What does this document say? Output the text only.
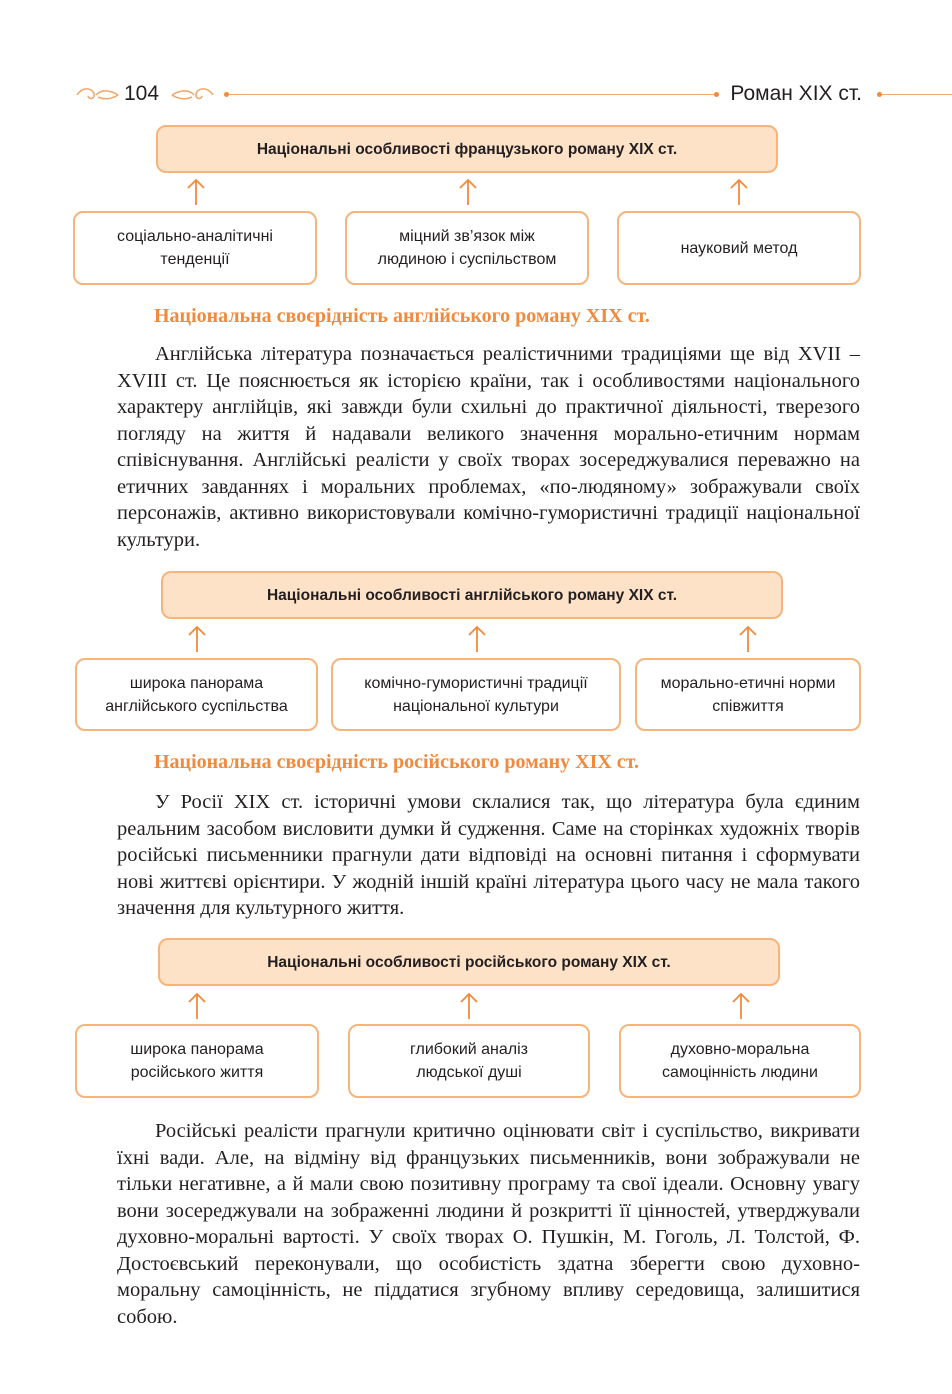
104	Роман XIX ст.
Національні особливості французького роману XIX ст.
соціально-аналітичні
тенденції
міцний зв’язок між
людиною і суспільством
науковий метод
Національна своєрідність англійського роману XIX ст.

Англійська література позначається реалістичними традиціями ще від XVII – XVIII ст. Це пояснюється як історією країни, так і особливостями національного характеру англійців, які завжди були схильні до практичної діяльності, тверезого погляду на життя й надавали великого значення морально-етичним нормам співіснування. Англійські реалісти у своїх творах зосереджувалися переважно на етичних завданнях і моральних проблемах, «по-людяному» зображували своїх персонажів, активно використовували комічно-гумористичні традиції національної культури.

Національні особливості англійського роману XIX ст.
широка панорама
англійського суспільства
комічно-гумористичні традиції
національної культури
морально-етичні норми
співжиття
Національна своєрідність російського роману XIX ст.

У Росії XIX ст. історичні умови склалися так, що література була єдиним реальним засобом висловити думки й судження. Саме на сторінках художніх творів російські письменники прагнули дати відповіді на основні питання і сформувати нові життєві орієнтири. У жодній іншій країні література цього часу не мала такого значення для культурного життя.

Національні особливості російського роману XIX ст.
широка панорама
російського життя
глибокий аналіз
людської душі
духовно-моральна
самоцінність людини

Російські реалісти прагнули критично оцінювати світ і суспільство, викривати їхні вади. Але, на відміну від французьких письменників, вони зображували не тільки негативне, а й мали свою позитивну програму та свої ідеали. Основну увагу вони зосереджували на зображенні людини й розкритті її цінностей, утверджували духовно-моральні вартості. У своїх творах О. Пушкін, М. Гоголь, Л. Толстой, Ф. Достоєвський переконували, що особистість здатна зберегти свою духовно-моральну самоцінність, не піддатися згубному впливу середовища, залишитися собою.
